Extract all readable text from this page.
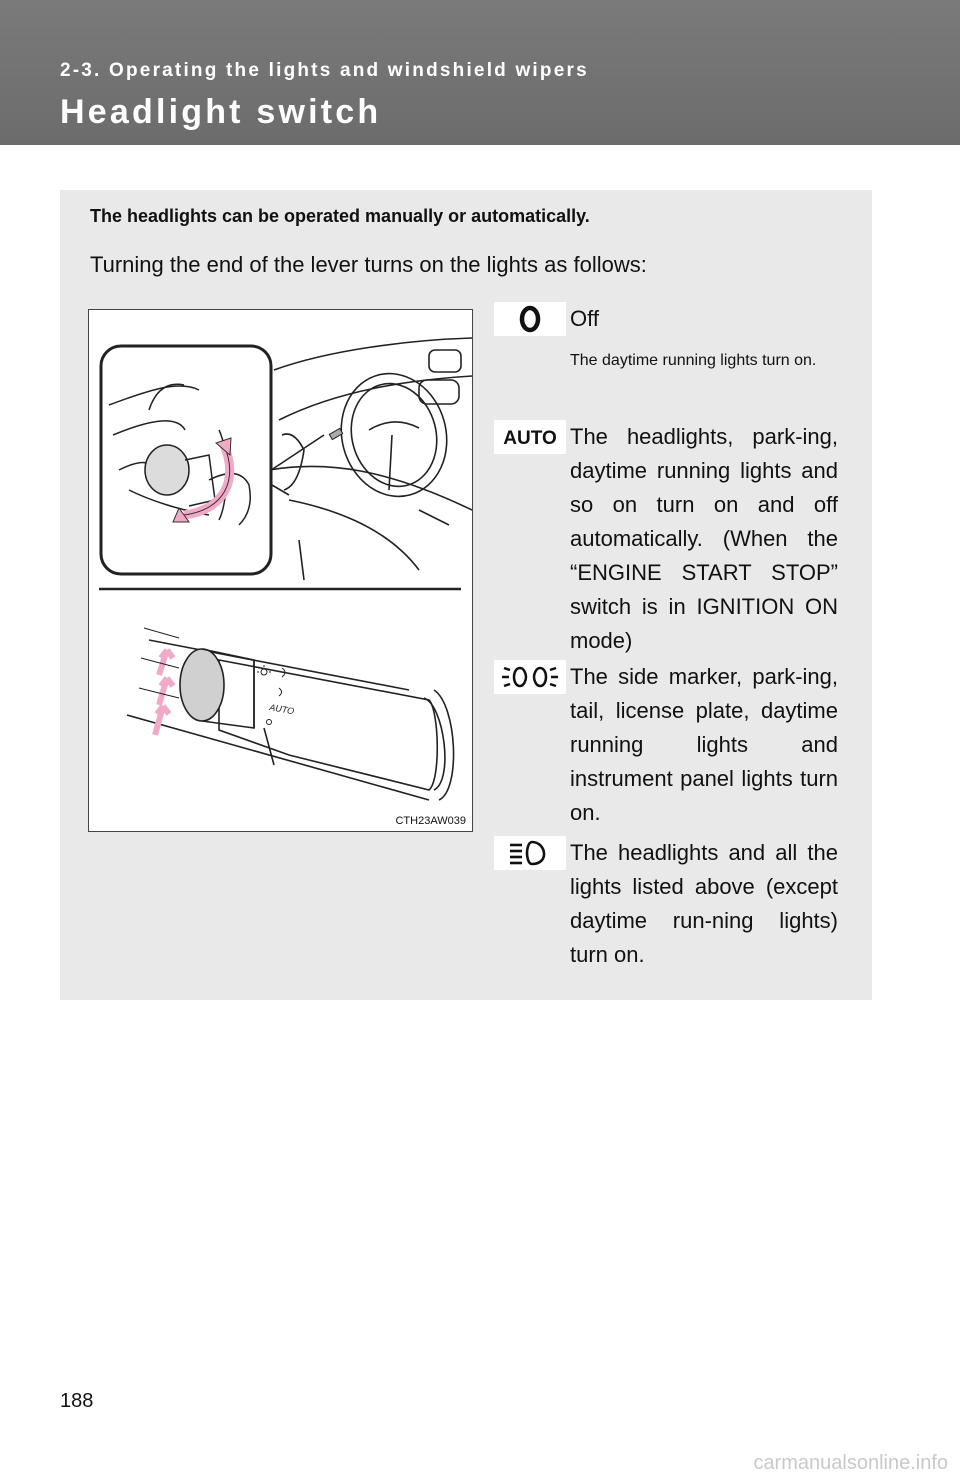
2-3. Operating the lights and windshield wipers
Headlight switch
The headlights can be operated manually or automatically.
Turning the end of the lever turns on the lights as follows:
AUTO
CTH23AW039
Off
The daytime running lights turn on.
AUTO The headlights, park-ing, daytime running lights and so on turn on and off automatically. (When the “ENGINE START STOP” switch is in IGNITION ON mode)
The side marker, park-ing, tail, license plate, daytime running lights and instrument panel lights turn on.
The headlights and all the lights listed above (except daytime run-ning lights) turn on.
188
carmanualsonline.info
